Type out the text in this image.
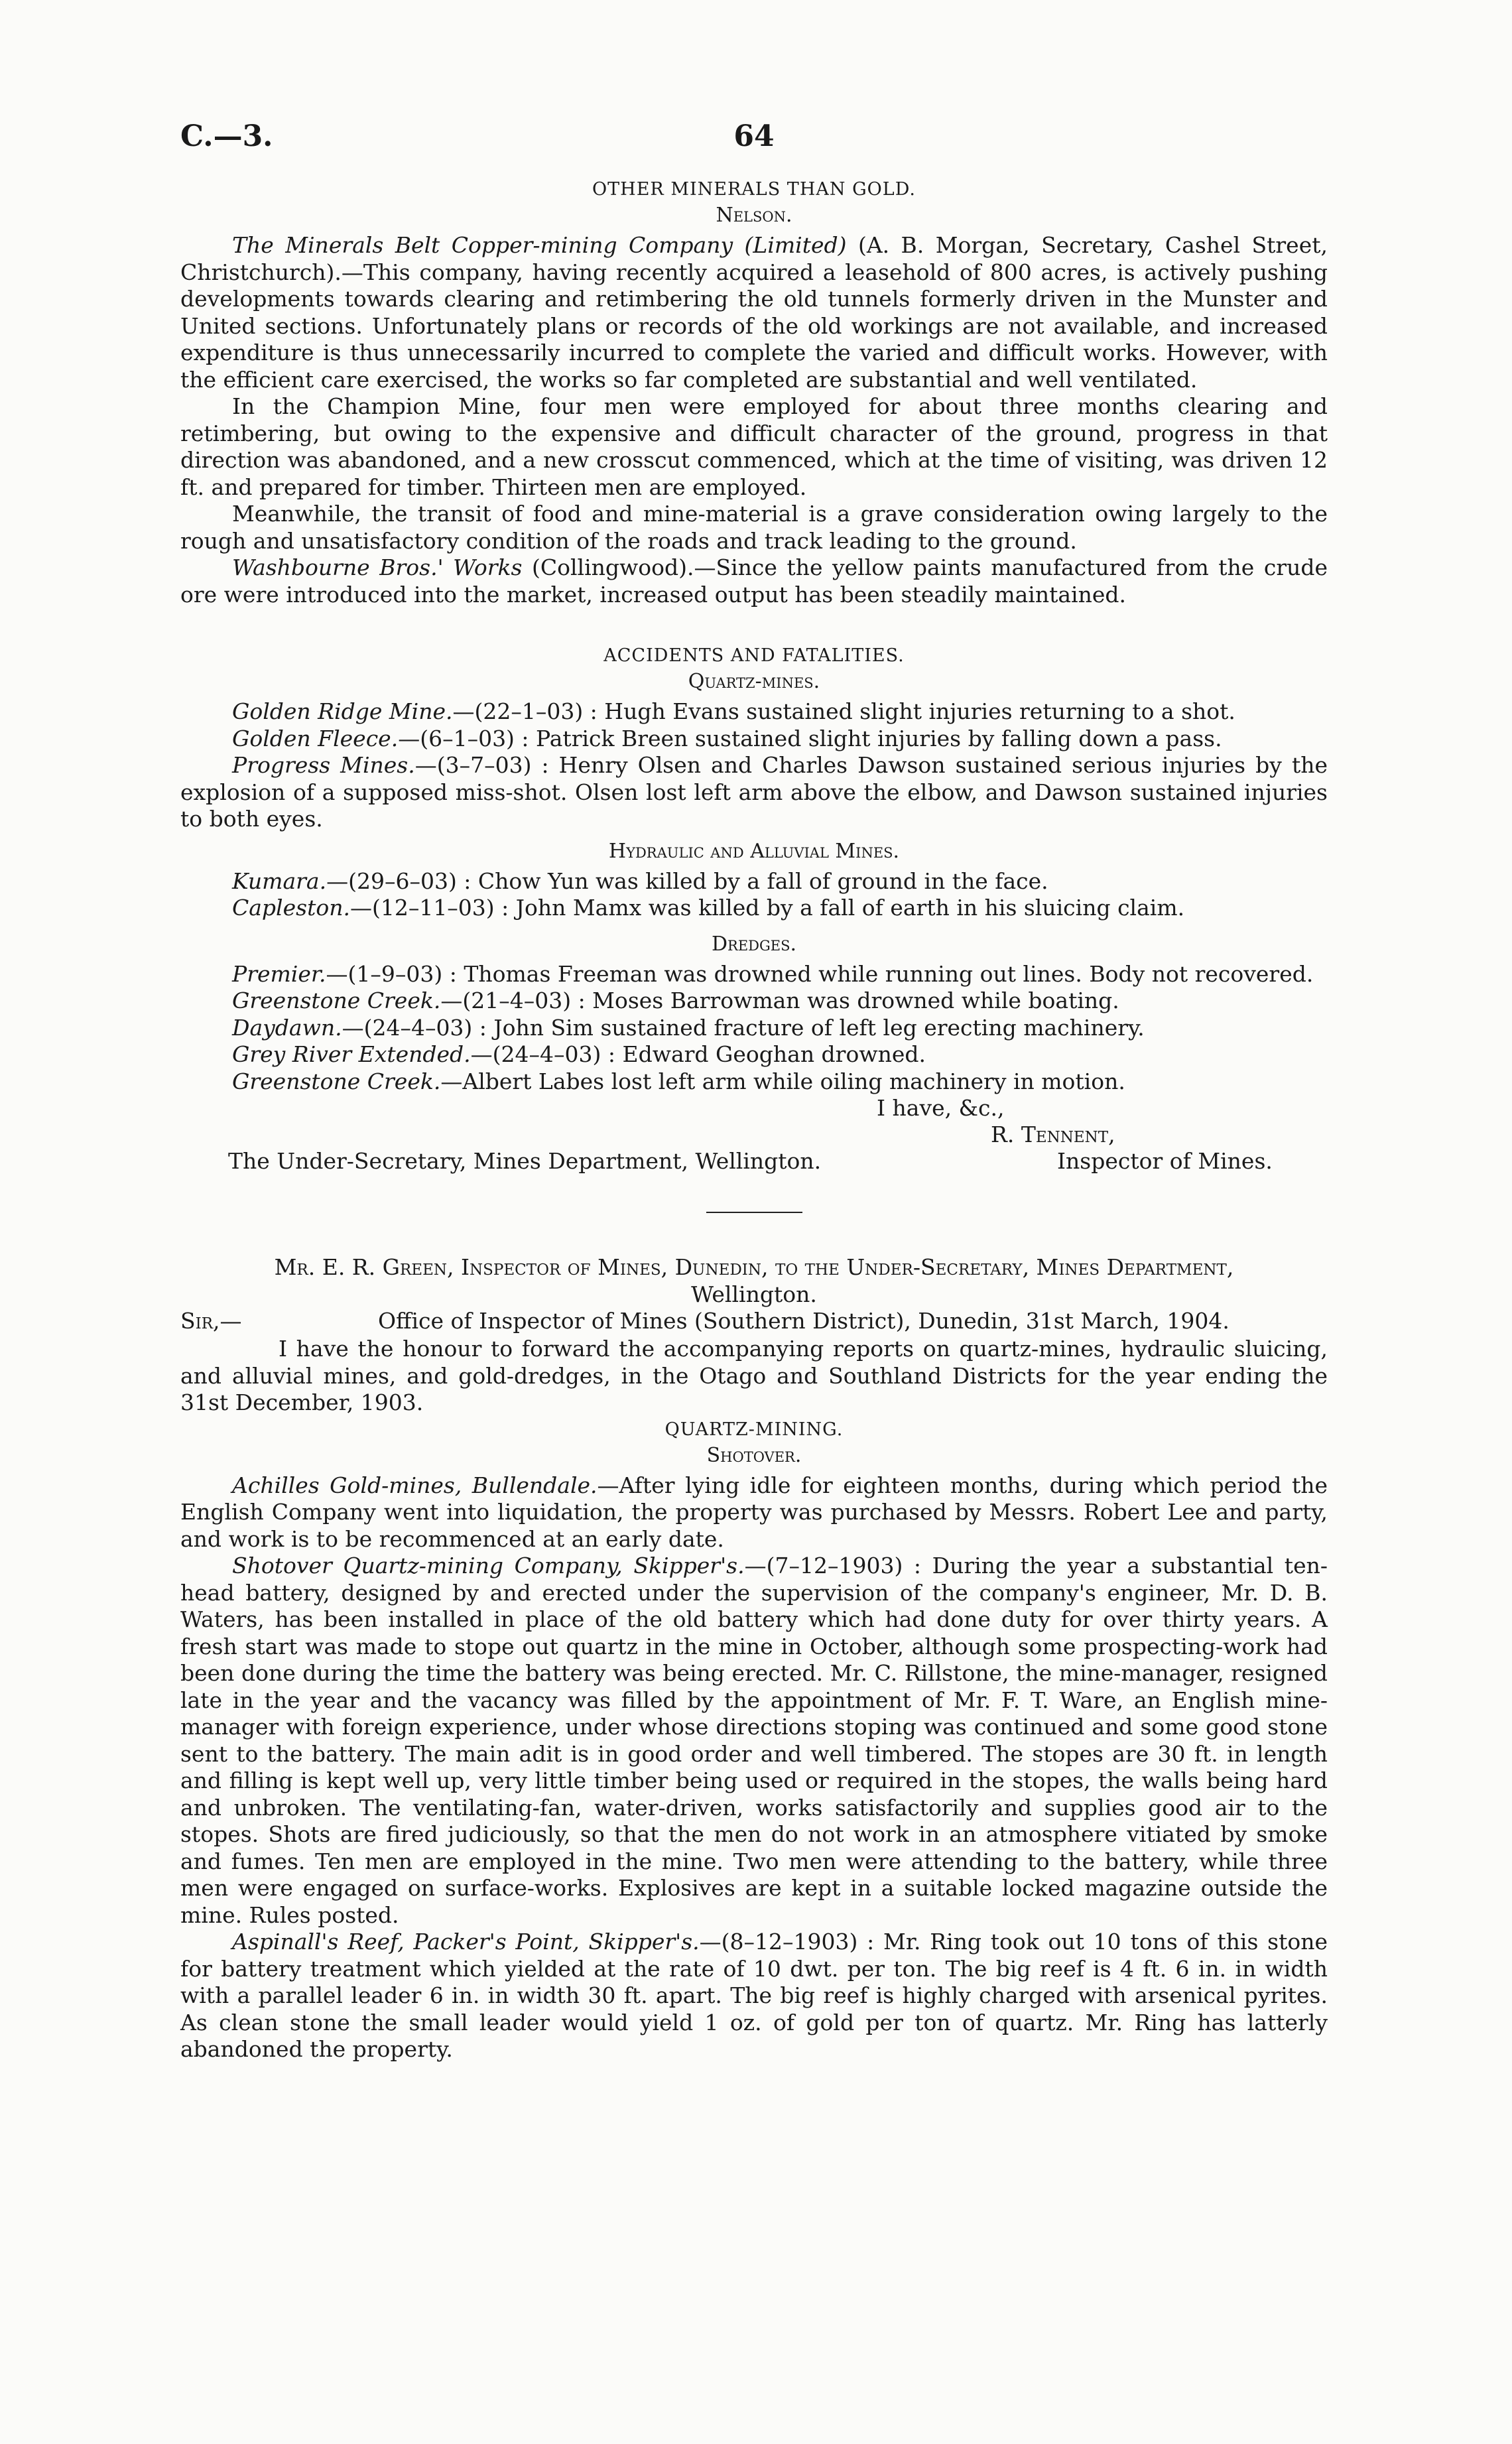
C.—3.	64
OTHER MINERALS THAN GOLD.
Nelson.

The Minerals Belt Copper-mining Company (Limited) (A. B. Morgan, Secretary, Cashel Street, Christchurch).—This company, having recently acquired a leasehold of 800 acres, is actively pushing developments towards clearing and retimbering the old tunnels formerly driven in the Munster and United sections. Unfortunately plans or records of the old workings are not available, and increased expenditure is thus unnecessarily incurred to complete the varied and difficult works. However, with the efficient care exercised, the works so far completed are substantial and well ventilated.

In the Champion Mine, four men were employed for about three months clearing and retimbering, but owing to the expensive and difficult character of the ground, progress in that direction was abandoned, and a new crosscut commenced, which at the time of visiting, was driven 12 ft. and prepared for timber. Thirteen men are employed.

Meanwhile, the transit of food and mine-material is a grave consideration owing largely to the rough and unsatisfactory condition of the roads and track leading to the ground.

Washbourne Bros.' Works (Collingwood).—Since the yellow paints manufactured from the crude ore were introduced into the market, increased output has been steadily maintained.

ACCIDENTS AND FATALITIES.
Quartz-mines.

Golden Ridge Mine.—(22–1–03) : Hugh Evans sustained slight injuries returning to a shot.

Golden Fleece.—(6–1–03) : Patrick Breen sustained slight injuries by falling down a pass.

Progress Mines.—(3–7–03) : Henry Olsen and Charles Dawson sustained serious injuries by the explosion of a supposed miss-shot. Olsen lost left arm above the elbow, and Dawson sustained injuries to both eyes.

Hydraulic and Alluvial Mines.

Kumara.—(29–6–03) : Chow Yun was killed by a fall of ground in the face.

Capleston.—(12–11–03) : John Mamx was killed by a fall of earth in his sluicing claim.

Dredges.

Premier.—(1–9–03) : Thomas Freeman was drowned while running out lines. Body not recovered.

Greenstone Creek.—(21–4–03) : Moses Barrowman was drowned while boating.

Daydawn.—(24–4–03) : John Sim sustained fracture of left leg erecting machinery.

Grey River Extended.—(24–4–03) : Edward Geoghan drowned.

Greenstone Creek.—Albert Labes lost left arm while oiling machinery in motion.

I have, &c.,
R. Tennent,
The Under-Secretary, Mines Department, Wellington.	Inspector of Mines.

Mr. E. R. Green, Inspector of Mines, Dunedin, to the Under-Secretary, Mines Department,

Wellington.

Sir,—	Office of Inspector of Mines (Southern District), Dunedin, 31st March, 1904.

I have the honour to forward the accompanying reports on quartz-mines, hydraulic sluicing, and alluvial mines, and gold-dredges, in the Otago and Southland Districts for the year ending the 31st December, 1903.

QUARTZ-MINING.
Shotover.

Achilles Gold-mines, Bullendale.—After lying idle for eighteen months, during which period the English Company went into liquidation, the property was purchased by Messrs. Robert Lee and party, and work is to be recommenced at an early date.

Shotover Quartz-mining Company, Skipper's.—(7–12–1903) : During the year a substantial ten-head battery, designed by and erected under the supervision of the company's engineer, Mr. D. B. Waters, has been installed in place of the old battery which had done duty for over thirty years. A fresh start was made to stope out quartz in the mine in October, although some prospecting-work had been done during the time the battery was being erected. Mr. C. Rillstone, the mine-manager, resigned late in the year and the vacancy was filled by the appointment of Mr. F. T. Ware, an English mine-manager with foreign experience, under whose directions stoping was continued and some good stone sent to the battery. The main adit is in good order and well timbered. The stopes are 30 ft. in length and filling is kept well up, very little timber being used or required in the stopes, the walls being hard and unbroken. The ventilating-fan, water-driven, works satisfactorily and supplies good air to the stopes. Shots are fired judiciously, so that the men do not work in an atmosphere vitiated by smoke and fumes. Ten men are employed in the mine. Two men were attending to the battery, while three men were engaged on surface-works. Explosives are kept in a suitable locked magazine outside the mine. Rules posted.

Aspinall's Reef, Packer's Point, Skipper's.—(8–12–1903) : Mr. Ring took out 10 tons of this stone for battery treatment which yielded at the rate of 10 dwt. per ton. The big reef is 4 ft. 6 in. in width with a parallel leader 6 in. in width 30 ft. apart. The big reef is highly charged with arsenical pyrites. As clean stone the small leader would yield 1 oz. of gold per ton of quartz. Mr. Ring has latterly abandoned the property.
